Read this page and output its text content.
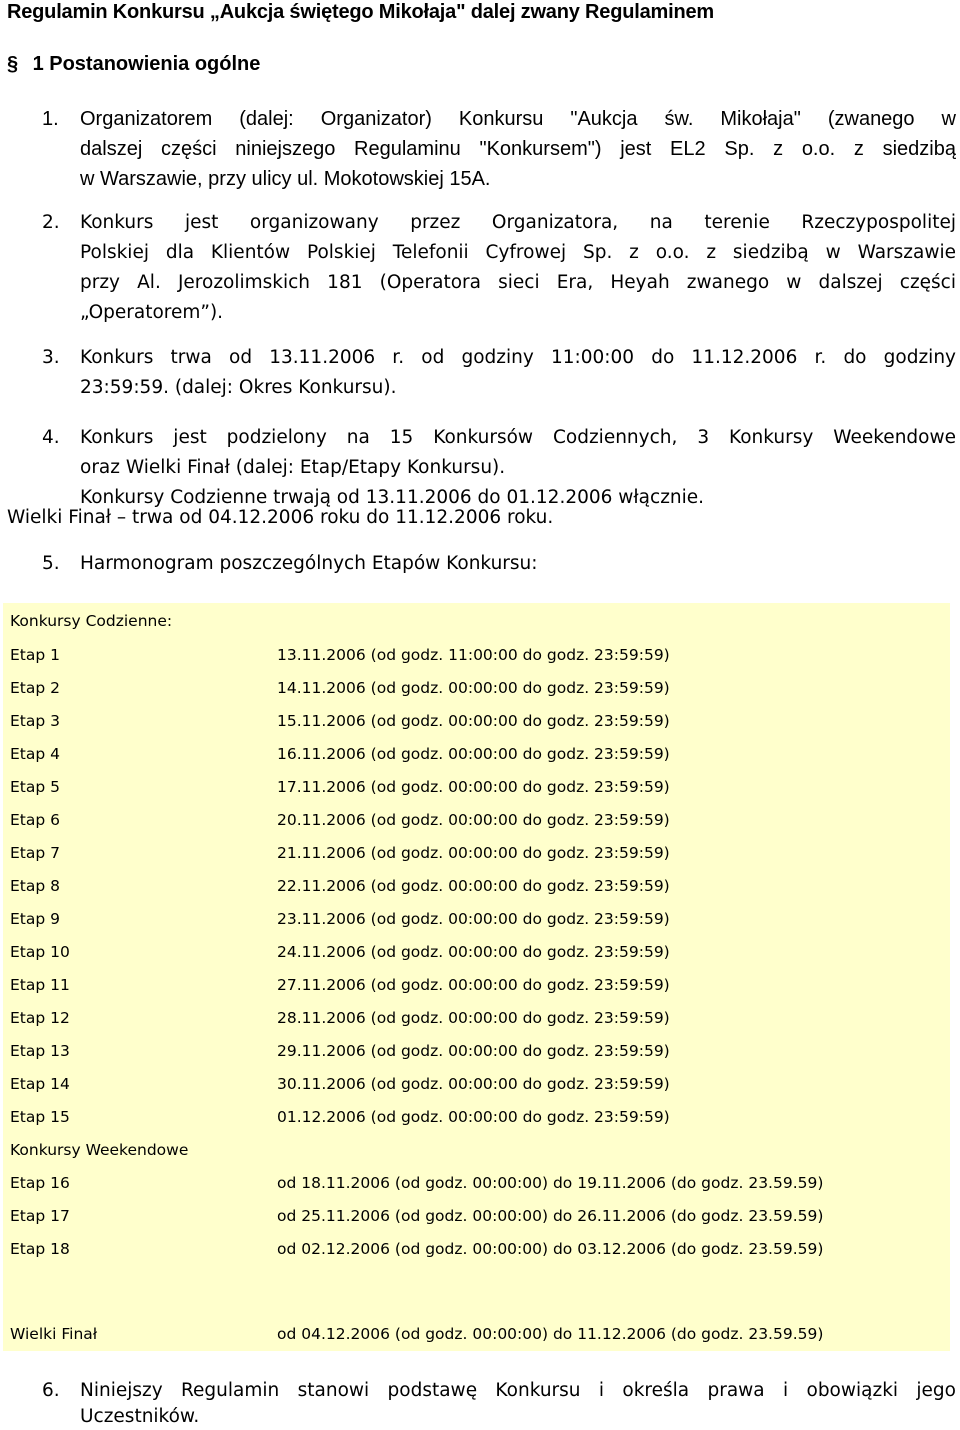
Regulamin Konkursu „Aukcja świętego Mikołaja" dalej zwany Regulaminem
§ 1 Postanowienia ogólne
1. Organizatorem (dalej: Organizator) Konkursu "Aukcja św. Mikołaja" (zwanego w
dalszej części niniejszego Regulaminu "Konkursem") jest EL2 Sp. z o.o. z siedzibą
w Warszawie, przy ulicy ul. Mokotowskiej 15A.
2. Konkurs jest organizowany przez Organizatora, na terenie Rzeczypospolitej
Polskiej dla Klientów Polskiej Telefonii Cyfrowej Sp. z o.o. z siedzibą w Warszawie
przy Al. Jerozolimskich 181 (Operatora sieci Era, Heyah zwanego w dalszej części
„Operatorem”).
3. Konkurs trwa od 13.11.2006 r. od godziny 11:00:00 do 11.12.2006 r. do godziny
23:59:59. (dalej: Okres Konkursu).
4. Konkurs jest podzielony na 15 Konkursów Codziennych, 3 Konkursy Weekendowe
oraz Wielki Finał (dalej: Etap/Etapy Konkursu).
Konkursy Codzienne trwają od 13.11.2006 do 01.12.2006 włącznie.
Wielki Finał – trwa od 04.12.2006 roku do 11.12.2006 roku.
5. Harmonogram poszczególnych Etapów Konkursu:
Konkursy Codzienne:
Etap 1	13.11.2006 (od godz. 11:00:00 do godz. 23:59:59)
Etap 2	14.11.2006 (od godz. 00:00:00 do godz. 23:59:59)
Etap 3	15.11.2006 (od godz. 00:00:00 do godz. 23:59:59)
Etap 4	16.11.2006 (od godz. 00:00:00 do godz. 23:59:59)
Etap 5	17.11.2006 (od godz. 00:00:00 do godz. 23:59:59)
Etap 6	20.11.2006 (od godz. 00:00:00 do godz. 23:59:59)
Etap 7	21.11.2006 (od godz. 00:00:00 do godz. 23:59:59)
Etap 8	22.11.2006 (od godz. 00:00:00 do godz. 23:59:59)
Etap 9	23.11.2006 (od godz. 00:00:00 do godz. 23:59:59)
Etap 10	24.11.2006 (od godz. 00:00:00 do godz. 23:59:59)
Etap 11	27.11.2006 (od godz. 00:00:00 do godz. 23:59:59)
Etap 12	28.11.2006 (od godz. 00:00:00 do godz. 23:59:59)
Etap 13	29.11.2006 (od godz. 00:00:00 do godz. 23:59:59)
Etap 14	30.11.2006 (od godz. 00:00:00 do godz. 23:59:59)
Etap 15	01.12.2006 (od godz. 00:00:00 do godz. 23:59:59)
Konkursy Weekendowe
Etap 16	od 18.11.2006 (od godz. 00:00:00) do 19.11.2006 (do godz. 23.59.59)
Etap 17	od 25.11.2006 (od godz. 00:00:00) do 26.11.2006 (do godz. 23.59.59)
Etap 18	od 02.12.2006 (od godz. 00:00:00) do 03.12.2006 (do godz. 23.59.59)
Wielki Finał	od 04.12.2006 (od godz. 00:00:00) do 11.12.2006 (do godz. 23.59.59)
6. Niniejszy Regulamin stanowi podstawę Konkursu i określa prawa i obowiązki jego
Uczestników.
